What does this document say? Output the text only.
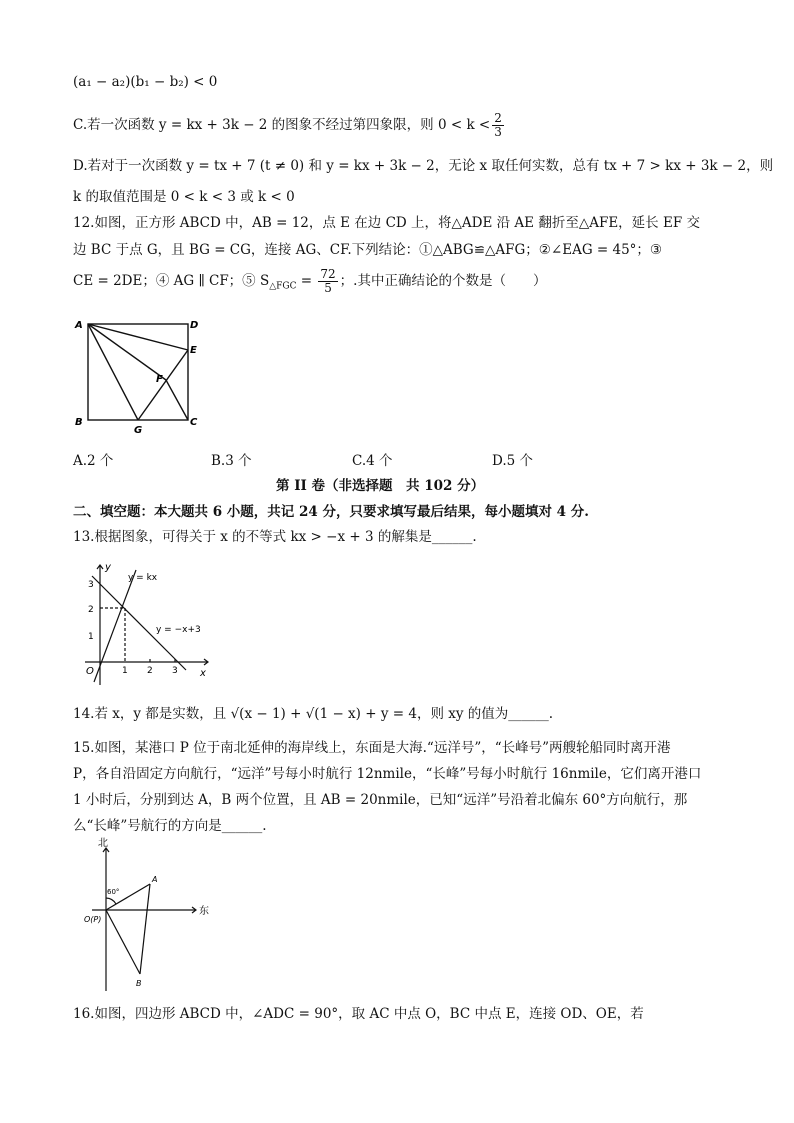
(a₁ − a₂)(b₁ − b₂) < 0
C.若一次函数 y = kx + 3k − 2 的图象不经过第四象限，则 $0 < k < \frac{2}{3}$
D.若对于一次函数 y = tx + 7 (t ≠ 0) 和 y = kx + 3k − 2，无论 x 取任何实数，总有 tx + 7 > kx + 3k − 2，则
k 的取值范围是 0 < k < 3 或 k < 0
12.如图，正方形 ABCD 中，AB = 12，点 E 在边 CD 上，将△ADE 沿 AE 翻折至△AFE，延长 EF 交
边 BC 于点 G，且 BG = CG，连接 AG、CF.下列结论：①△ABG≌△AFG；②∠EAG = 45°；③
CE = 2DE；④ AG ∥ CF；⑤ $S_{\triangle FGC} = \frac{72}{5}$ ；.其中正确结论的个数是（　　）
A	D
E
F
B
G
C
A.2 个	B.3 个	C.4 个	D.5 个
第 II 卷（非选择题　共 102 分）
二、填空题：本大题共 6 小题，共记 24 分，只要求填写最后结果，每小题填对 4 分.
13.根据图象，可得关于 x 的不等式 kx > −x + 3 的解集是______.
y
x
O
y = kx
y = −x+3
1 2 3
1
2
3
14.若 x，y 都是实数，且 √(x − 1) + √(1 − x) + y = 4，则 xy 的值为______.
15.如图，某港口 P 位于南北延伸的海岸线上，东面是大海.“远洋号”，“长峰号”两艘轮船同时离开港
P，各自沿固定方向航行，“远洋”号每小时航行 12nmile，“长峰”号每小时航行 16nmile，它们离开港口
1 小时后，分别到达 A，B 两个位置，且 AB = 20nmile，已知“远洋”号沿着北偏东 60°方向航行，那
么“长峰”号航行的方向是______.
北
东
O(P)
60°
A
B
16.如图，四边形 ABCD 中，∠ADC = 90°，取 AC 中点 O，BC 中点 E，连接 OD、OE，若
